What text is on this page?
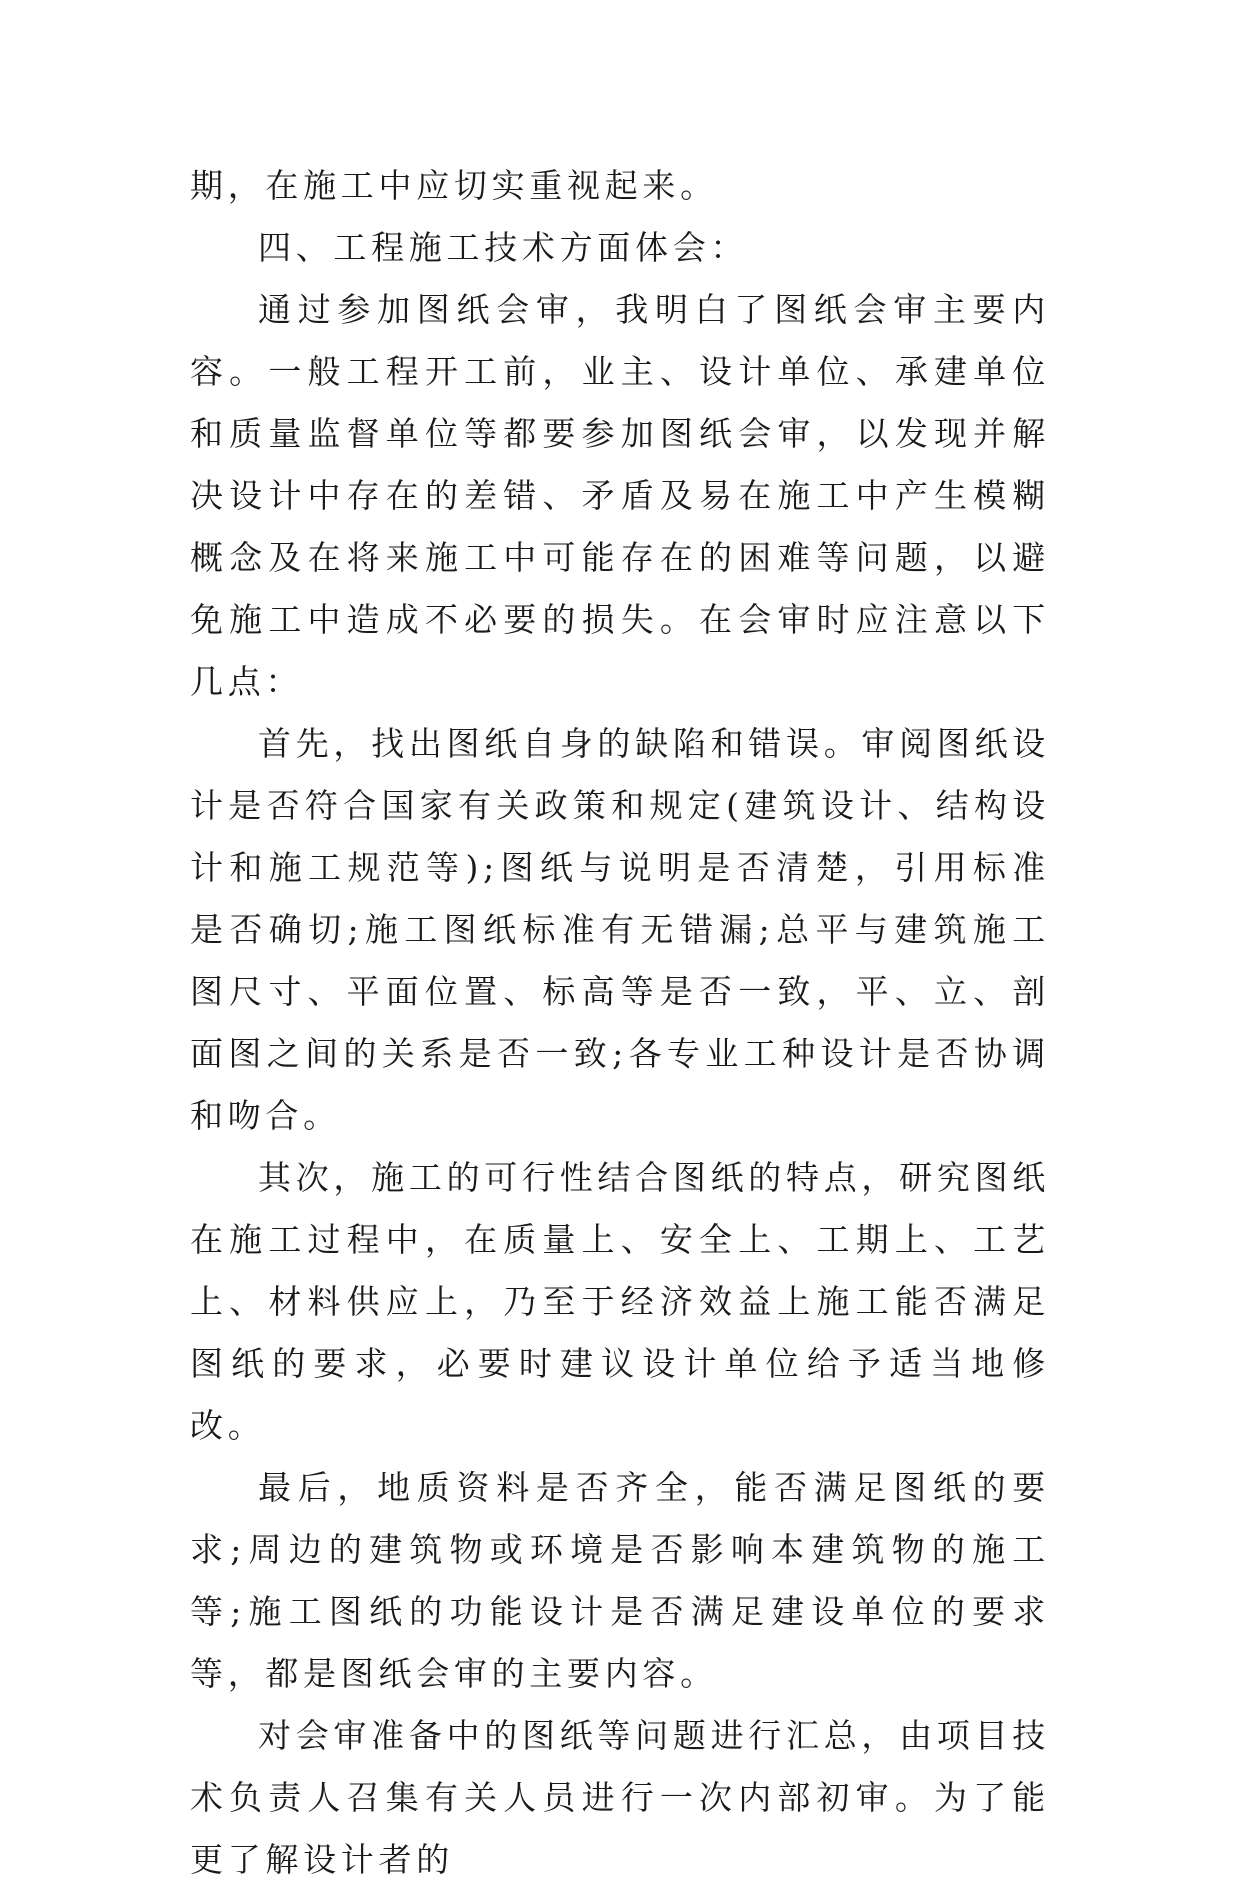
期，在施工中应切实重视起来。

四、工程施工技术方面体会：

通过参加图纸会审，我明白了图纸会审主要内容。一般工程开工前，业主、设计单位、承建单位和质量监督单位等都要参加图纸会审，以发现并解决设计中存在的差错、矛盾及易在施工中产生模糊概念及在将来施工中可能存在的困难等问题，以避免施工中造成不必要的损失。在会审时应注意以下几点：

首先，找出图纸自身的缺陷和错误。审阅图纸设计是否符合国家有关政策和规定(建筑设计、结构设计和施工规范等);图纸与说明是否清楚，引用标准是否确切;施工图纸标准有无错漏;总平与建筑施工图尺寸、平面位置、标高等是否一致，平、立、剖面图之间的关系是否一致;各专业工种设计是否协调和吻合。

其次，施工的可行性结合图纸的特点，研究图纸在施工过程中，在质量上、安全上、工期上、工艺上、材料供应上，乃至于经济效益上施工能否满足图纸的要求，必要时建议设计单位给予适当地修改。

最后，地质资料是否齐全，能否满足图纸的要求;周边的建筑物或环境是否影响本建筑物的施工等;施工图纸的功能设计是否满足建设单位的要求等，都是图纸会审的主要内容。

对会审准备中的图纸等问题进行汇总，由项目技术负责人召集有关人员进行一次内部初审。为了能更了解设计者的
